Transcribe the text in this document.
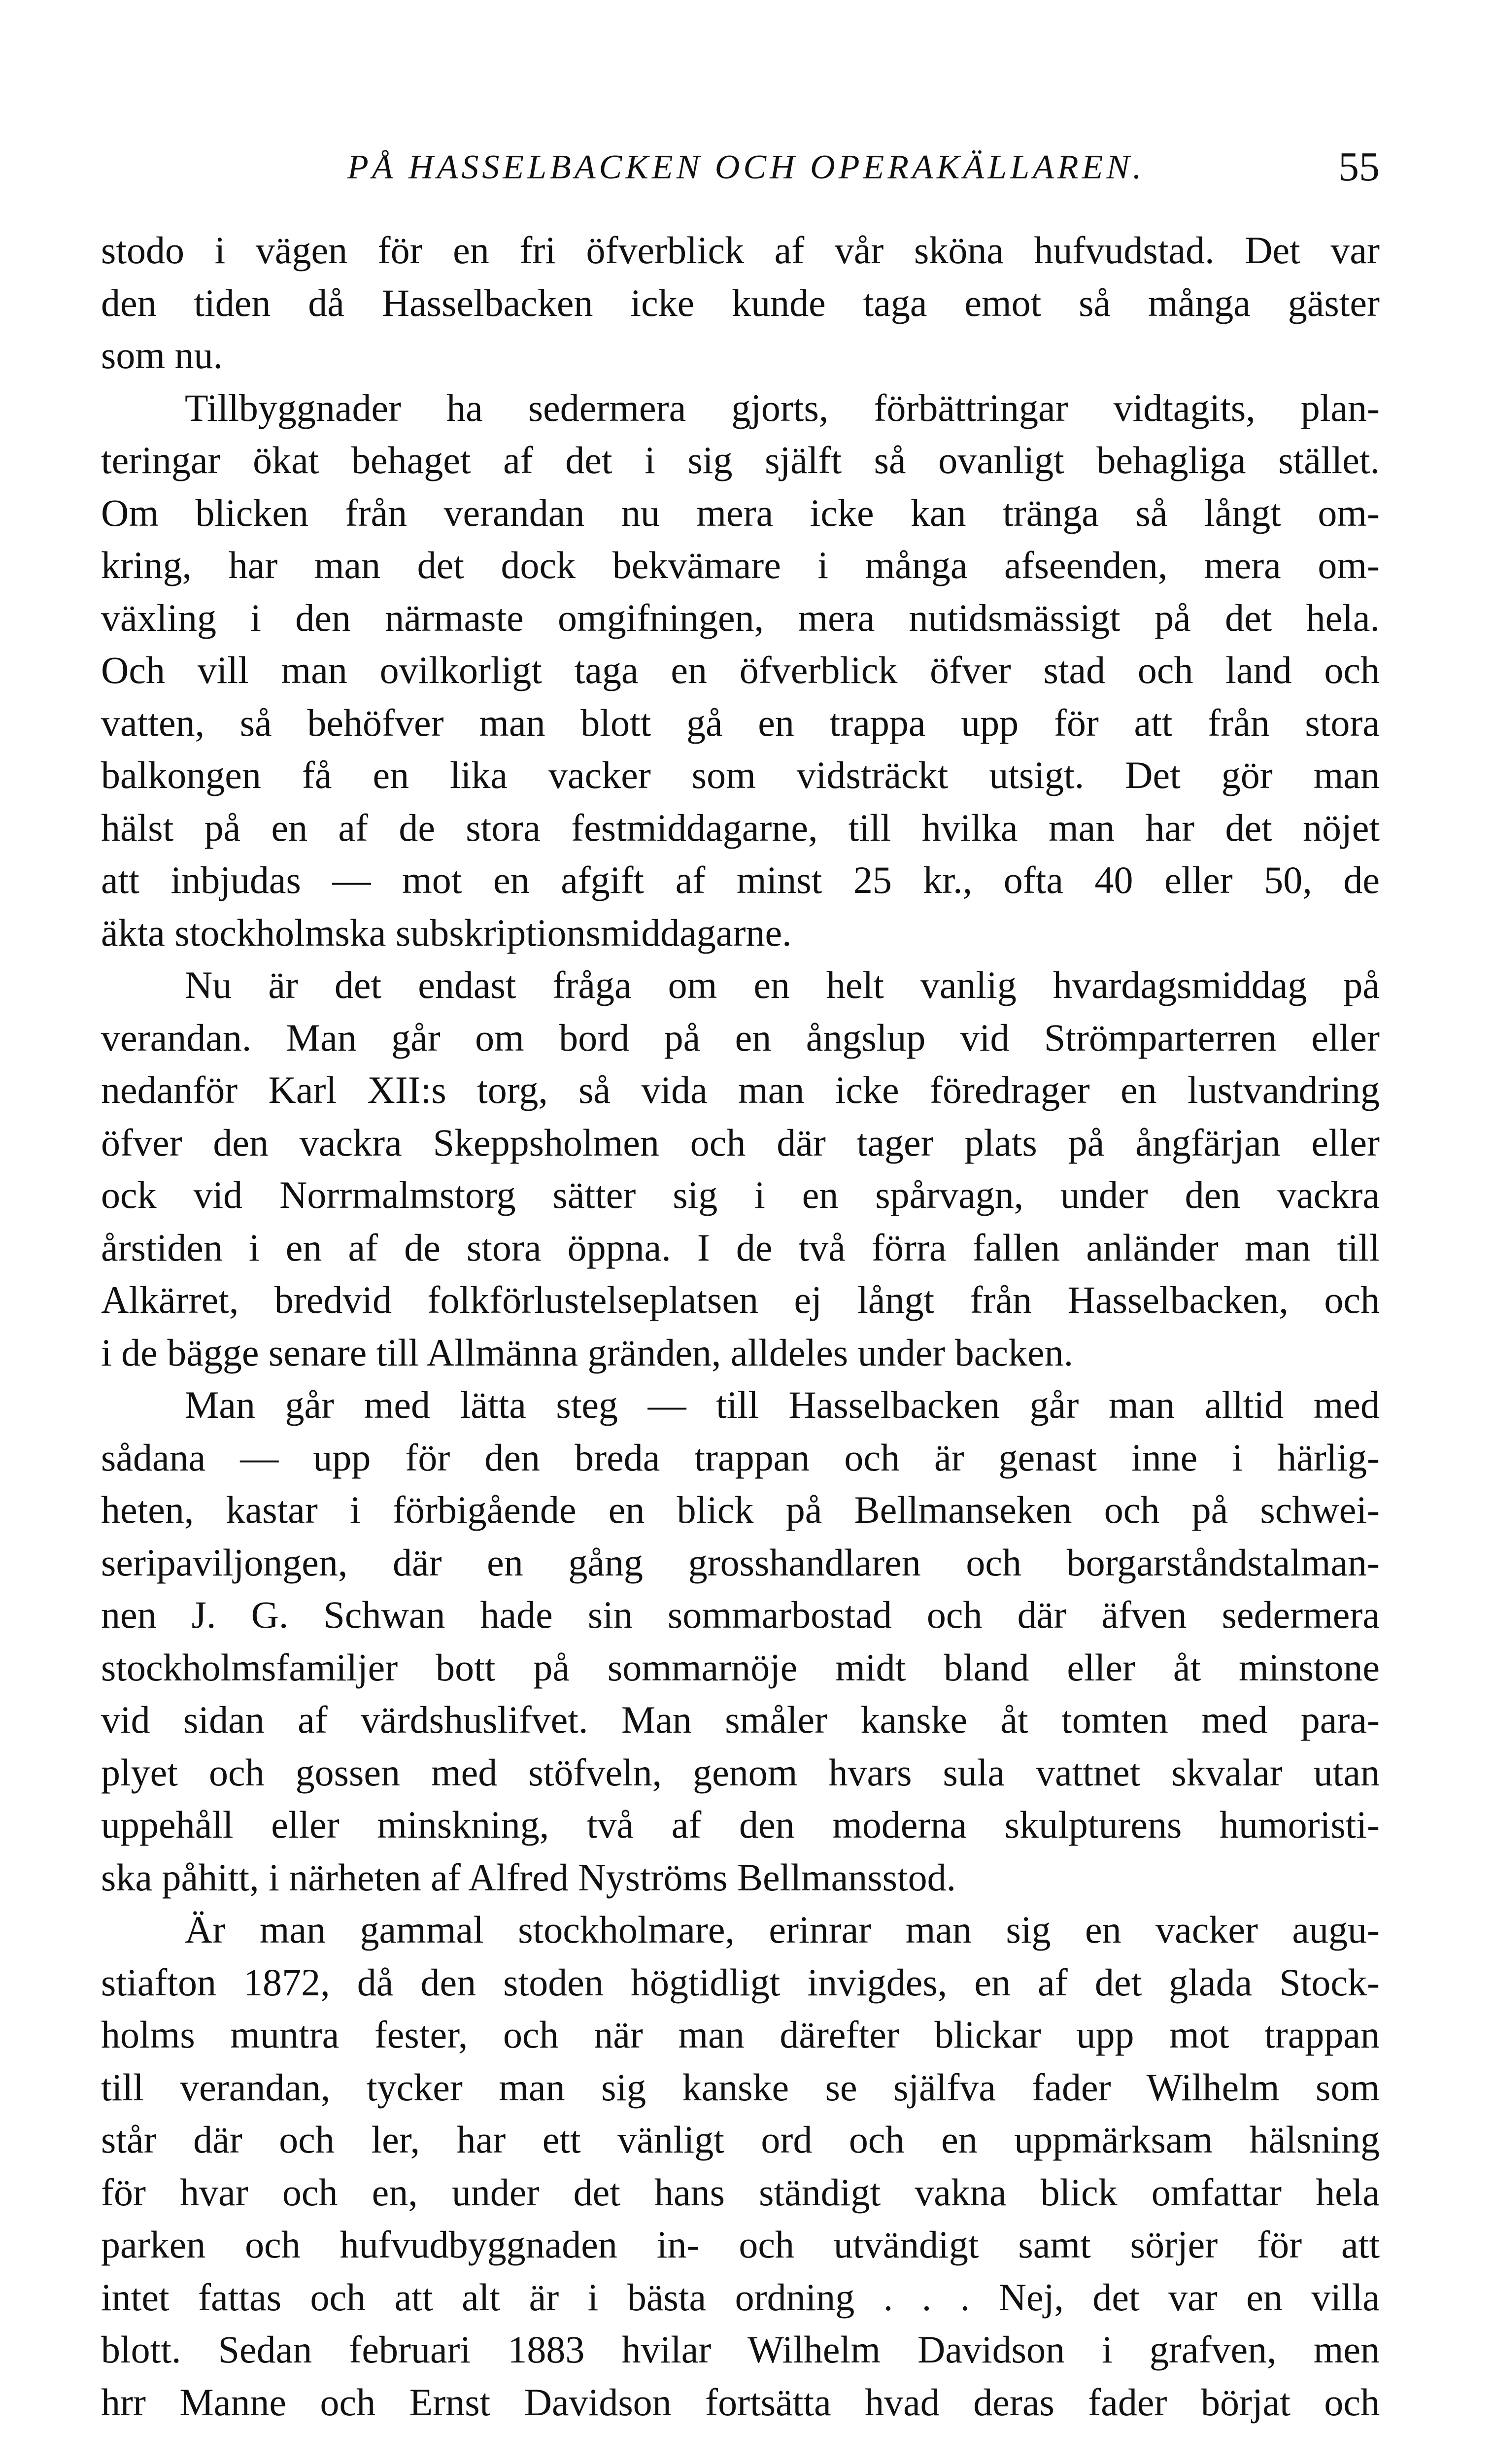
PÅ HASSELBACKEN OCH OPERAKÄLLAREN.	55
stodo i vägen för en fri öfverblick af vår sköna hufvudstad. Det var
den tiden då Hasselbacken icke kunde taga emot så många gäster
som nu.
Tillbyggnader ha sedermera gjorts, förbättringar vidtagits, plan-
teringar ökat behaget af det i sig själft så ovanligt behagliga stället.
Om blicken från verandan nu mera icke kan tränga så långt om-
kring, har man det dock bekvämare i många afseenden, mera om-
växling i den närmaste omgifningen, mera nutidsmässigt på det hela.
Och vill man ovilkorligt taga en öfverblick öfver stad och land och
vatten, så behöfver man blott gå en trappa upp för att från stora
balkongen få en lika vacker som vidsträckt utsigt. Det gör man
hälst på en af de stora festmiddagarne, till hvilka man har det nöjet
att inbjudas — mot en afgift af minst 25 kr., ofta 40 eller 50, de
äkta stockholmska subskriptionsmiddagarne.
Nu är det endast fråga om en helt vanlig hvardagsmiddag på
verandan. Man går om bord på en ångslup vid Strömparterren eller
nedanför Karl XII:s torg, så vida man icke föredrager en lustvandring
öfver den vackra Skeppsholmen och där tager plats på ångfärjan eller
ock vid Norrmalmstorg sätter sig i en spårvagn, under den vackra
årstiden i en af de stora öppna. I de två förra fallen anländer man till
Alkärret, bredvid folkförlustelseplatsen ej långt från Hasselbacken, och
i de bägge senare till Allmänna gränden, alldeles under backen.
Man går med lätta steg — till Hasselbacken går man alltid med
sådana — upp för den breda trappan och är genast inne i härlig-
heten, kastar i förbigående en blick på Bellmanseken och på schwei-
seripaviljongen, där en gång grosshandlaren och borgarståndstalman-
nen J. G. Schwan hade sin sommarbostad och där äfven sedermera
stockholmsfamiljer bott på sommarnöje midt bland eller åt minstone
vid sidan af värdshuslifvet. Man småler kanske åt tomten med para-
plyet och gossen med stöfveln, genom hvars sula vattnet skvalar utan
uppehåll eller minskning, två af den moderna skulpturens humoristi-
ska påhitt, i närheten af Alfred Nyströms Bellmansstod.
Är man gammal stockholmare, erinrar man sig en vacker augu-
stiafton 1872, då den stoden högtidligt invigdes, en af det glada Stock-
holms muntra fester, och när man därefter blickar upp mot trappan
till verandan, tycker man sig kanske se själfva fader Wilhelm som
står där och ler, har ett vänligt ord och en uppmärksam hälsning
för hvar och en, under det hans ständigt vakna blick omfattar hela
parken och hufvudbyggnaden in- och utvändigt samt sörjer för att
intet fattas och att alt är i bästa ordning . . . Nej, det var en villa
blott. Sedan februari 1883 hvilar Wilhelm Davidson i grafven, men
hrr Manne och Ernst Davidson fortsätta hvad deras fader börjat och
